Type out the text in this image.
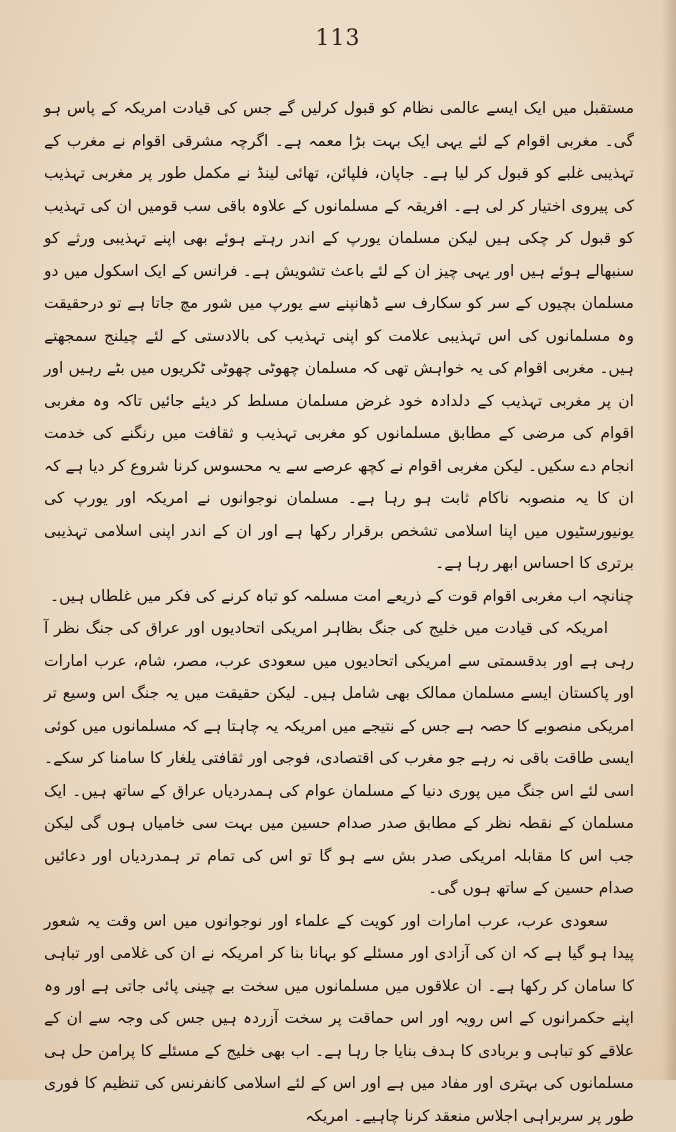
113

مستقبل میں ایک ایسے عالمی نظام کو قبول کرلیں گے جس کی قیادت امریکہ کے پاس ہو گی۔ مغربی اقوام کے لئے یہی ایک بہت بڑا معمہ ہے۔ اگرچہ مشرقی اقوام نے مغرب کے تہذیبی غلبے کو قبول کر لیا ہے۔ جاپان، فلپائن، تھائی لینڈ نے مکمل طور پر مغربی تہذیب کی پیروی اختیار کر لی ہے۔ افریقہ کے مسلمانوں کے علاوہ باقی سب قومیں ان کی تہذیب کو قبول کر چکی ہیں لیکن مسلمان یورپ کے اندر رہتے ہوئے بھی اپنے تہذیبی ورثے کو سنبھالے ہوئے ہیں اور یہی چیز ان کے لئے باعث تشویش ہے۔ فرانس کے ایک اسکول میں دو مسلمان بچیوں کے سر کو سکارف سے ڈھانپنے سے یورپ میں شور مچ جاتا ہے تو درحقیقت وہ مسلمانوں کی اس تہذیبی علامت کو اپنی تہذیب کی بالادستی کے لئے چیلنج سمجھتے ہیں۔ مغربی اقوام کی یہ خواہش تھی کہ مسلمان چھوٹی چھوٹی ٹکریوں میں بٹے رہیں اور ان پر مغربی تہذیب کے دلدادہ خود غرض مسلمان مسلط کر دیئے جائیں تاکہ وہ مغربی اقوام کی مرضی کے مطابق مسلمانوں کو مغربی تہذیب و ثقافت میں رنگنے کی خدمت انجام دے سکیں۔ لیکن مغربی اقوام نے کچھ عرصے سے یہ محسوس کرنا شروع کر دیا ہے کہ ان کا یہ منصوبہ ناکام ثابت ہو رہا ہے۔ مسلمان نوجوانوں نے امریکہ اور یورپ کی یونیورسٹیوں میں اپنا اسلامی تشخص برقرار رکھا ہے اور ان کے اندر اپنی اسلامی تہذیبی برتری کا احساس ابھر رہا ہے۔

چنانچہ اب مغربی اقوام قوت کے ذریعے امت مسلمہ کو تباہ کرنے کی فکر میں غلطاں ہیں۔

امریکہ کی قیادت میں خلیج کی جنگ بظاہر امریکی اتحادیوں اور عراق کی جنگ نظر آ رہی ہے اور بدقسمتی سے امریکی اتحادیوں میں سعودی عرب، مصر، شام، عرب امارات اور پاکستان ایسے مسلمان ممالک بھی شامل ہیں۔ لیکن حقیقت میں یہ جنگ اس وسیع تر امریکی منصوبے کا حصہ ہے جس کے نتیجے میں امریکہ یہ چاہتا ہے کہ مسلمانوں میں کوئی ایسی طاقت باقی نہ رہے جو مغرب کی اقتصادی، فوجی اور ثقافتی یلغار کا سامنا کر سکے۔ اسی لئے اس جنگ میں پوری دنیا کے مسلمان عوام کی ہمدردیاں عراق کے ساتھ ہیں۔ ایک مسلمان کے نقطہ نظر کے مطابق صدر صدام حسین میں بہت سی خامیاں ہوں گی لیکن جب اس کا مقابلہ امریکی صدر بش سے ہو گا تو اس کی تمام تر ہمدردیاں اور دعائیں صدام حسین کے ساتھ ہوں گی۔

سعودی عرب، عرب امارات اور کویت کے علماء اور نوجوانوں میں اس وقت یہ شعور پیدا ہو گیا ہے کہ ان کی آزادی اور مسئلے کو بہانا بنا کر امریکہ نے ان کی غلامی اور تباہی کا سامان کر رکھا ہے۔ ان علاقوں میں مسلمانوں میں سخت بے چینی پائی جاتی ہے اور وہ اپنے حکمرانوں کے اس رویہ اور اس حماقت پر سخت آزردہ ہیں جس کی وجہ سے ان کے علاقے کو تباہی و بربادی کا ہدف بنایا جا رہا ہے۔ اب بھی خلیج کے مسئلے کا پرامن حل ہی مسلمانوں کی بہتری اور مفاد میں ہے اور اس کے لئے اسلامی کانفرنس کی تنظیم کا فوری طور پر سربراہی اجلاس منعقد کرنا چاہیے۔ امریکہ
